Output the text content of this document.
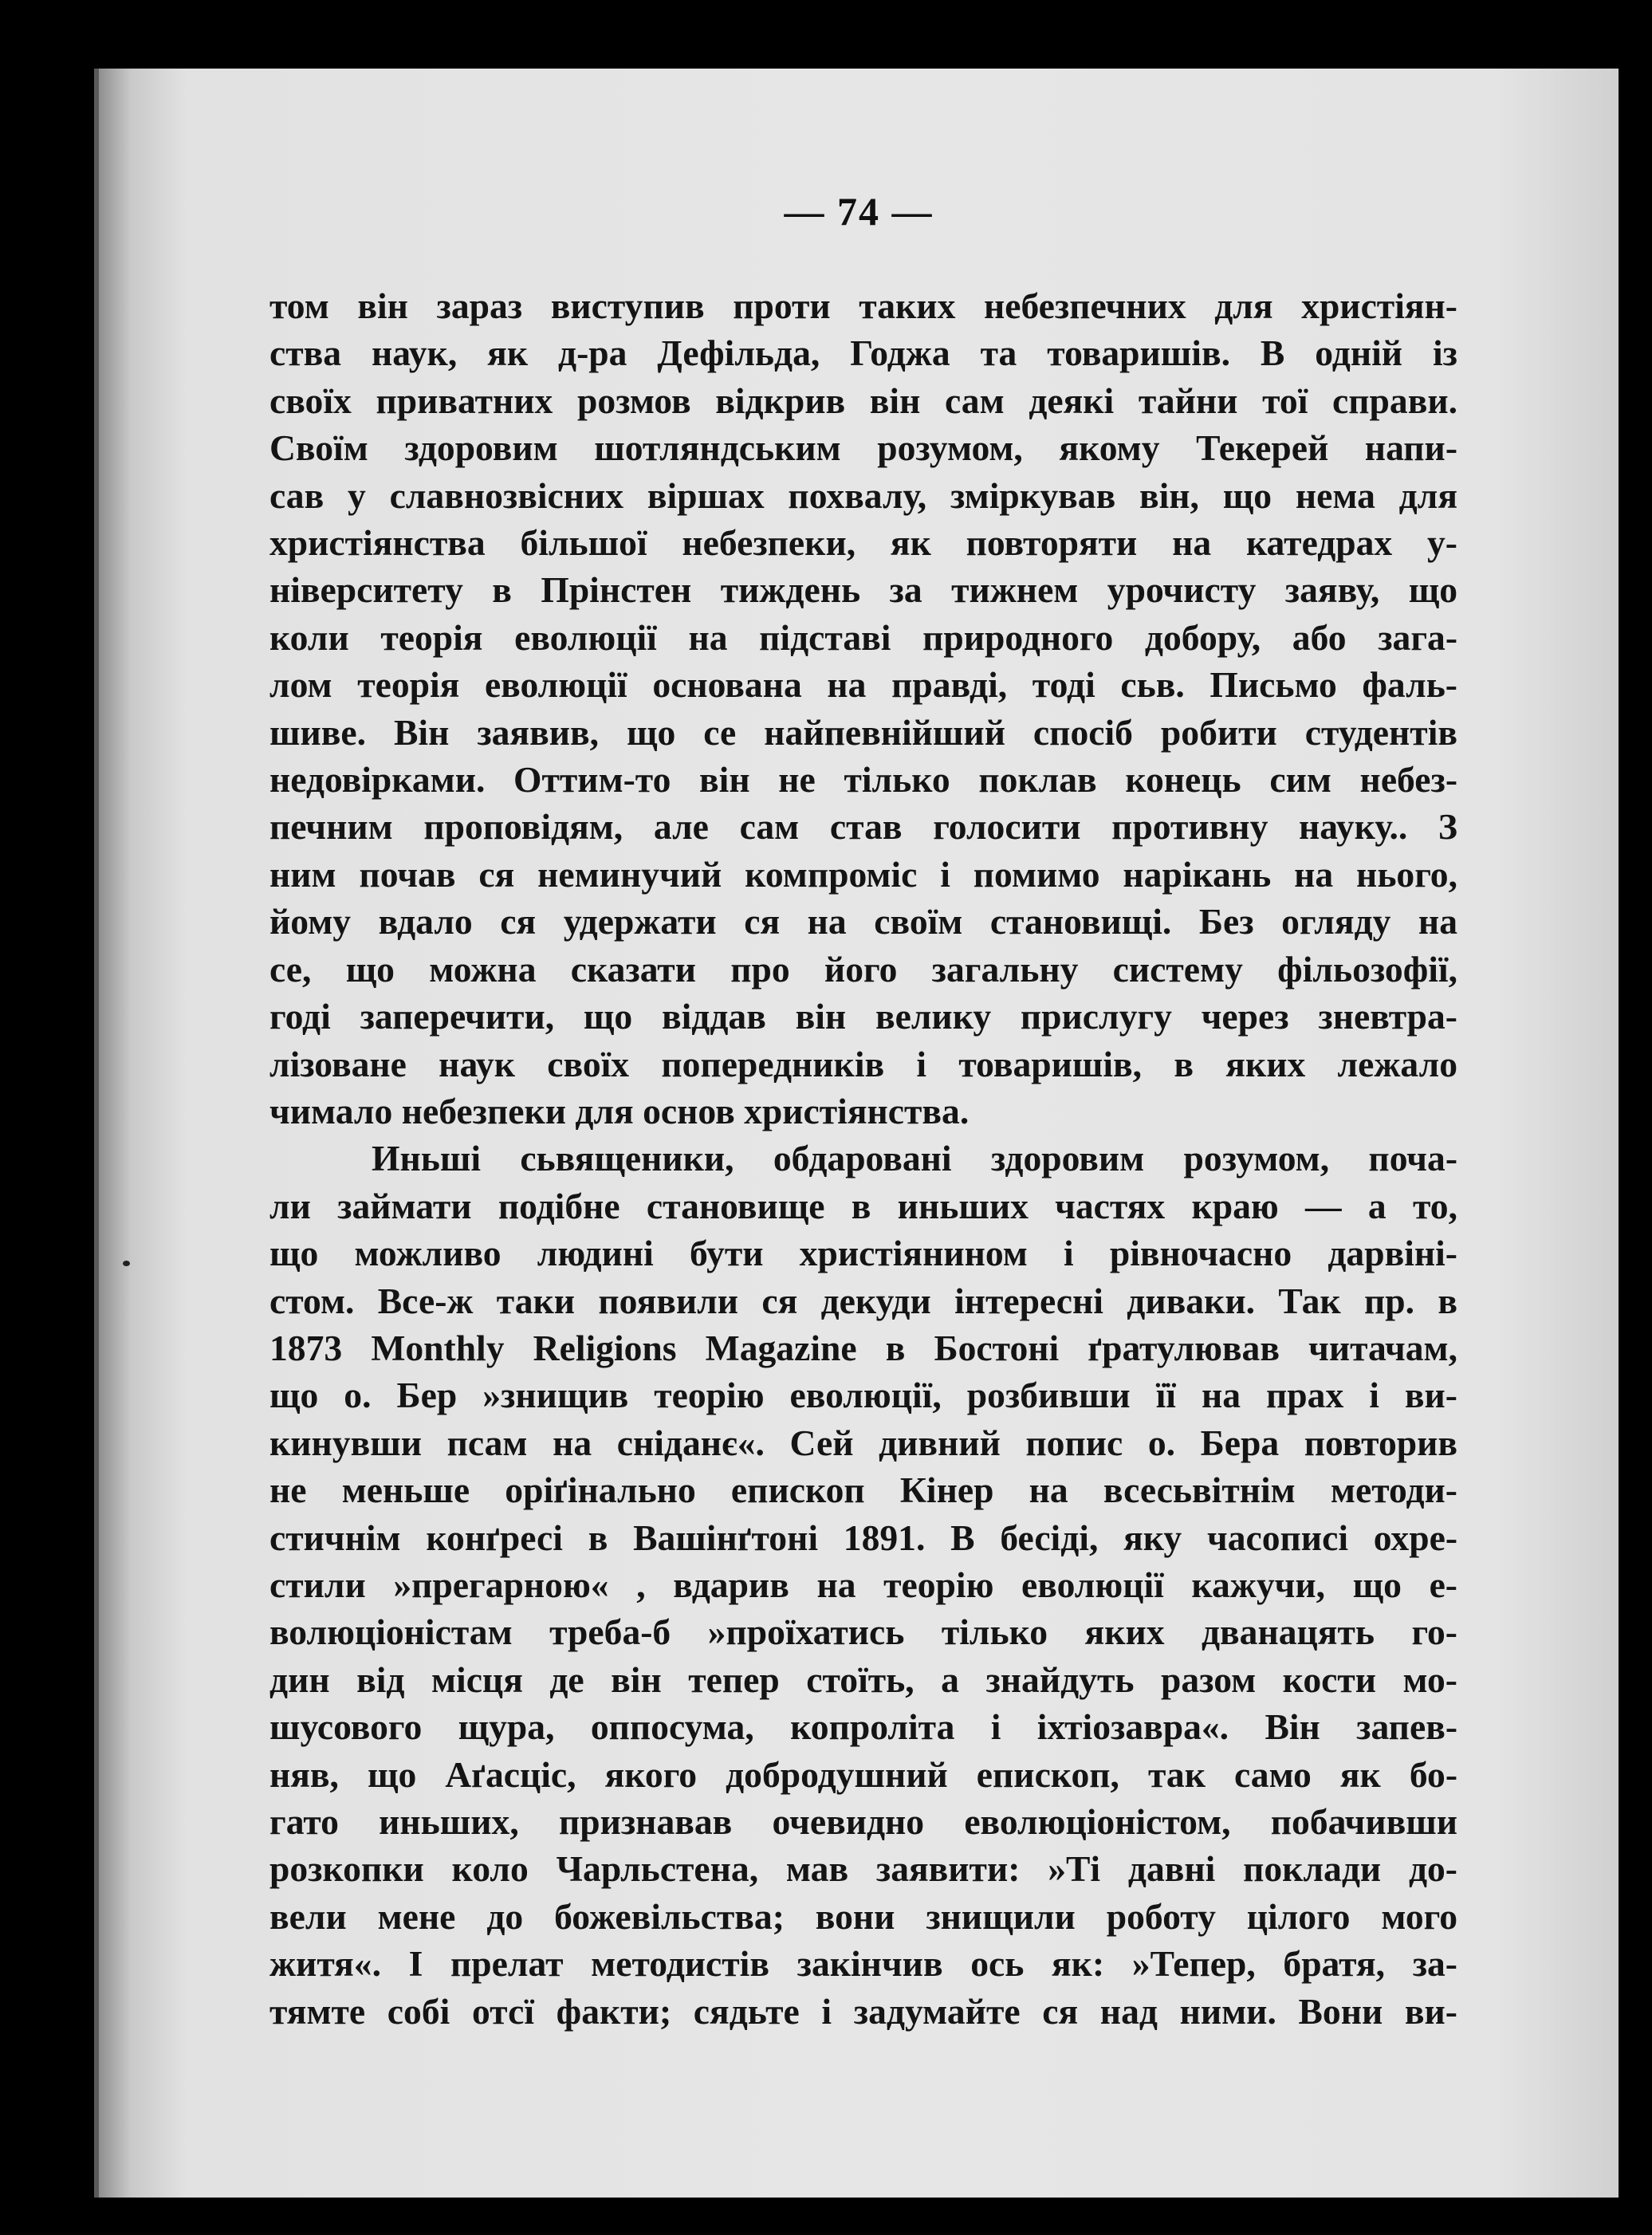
— 74 —
том він зараз виступив проти таких небезпечних для христіян-
ства наук, як д-ра Дефільда, Годжа та товаришів. В одній із
своїх приватних розмов відкрив він сам деякі тайни тої справи.
Своїм здоровим шотляндським розумом, якому Текерей напи-
сав у славнозвісних віршах похвалу, зміркував він, що нема для
христіянства більшої небезпеки, як повторяти на катедрах у-
ніверситету в Прінстен тиждень за тижнем урочисту заяву, що
коли теорія еволюції на підставі природного добору, або зага-
лом теорія еволюції основана на правді, тоді сьв. Письмо фаль-
шиве. Він заявив, що се найпевнійший спосіб робити студентів
недовірками. Оттим-то він не тілько поклав конець сим небез-
печним проповідям, але сам став голосити противну науку.. З
ним почав ся неминучий компроміс і помимо нарікань на нього,
йому вдало ся удержати ся на своїм становищі. Без огляду на
се, що можна сказати про його загальну систему фільозофії,
годі заперечити, що віддав він велику прислугу через зневтра-
лізоване наук своїх попередників і товаришів, в яких лежало
чимало небезпеки для основ христіянства.
Иньші сьвященики, обдаровані здоровим розумом, поча-
ли займати подібне становище в иньших частях краю — а то,
що можливо людині бути христіянином і рівночасно дарвіні-
стом. Все-ж таки появили ся декуди інтересні диваки. Так пр. в
1873 Monthly Religions Magazine в Бостоні ґратулював читачам,
що о. Бер »знищив теорію еволюції, розбивши її на прах і ви-
кинувши псам на сніданє«. Сей дивний попис о. Бера повторив
не меньше оріґінально епископ Кінер на всесьвітнім методи-
стичнім конґресі в Вашінґтоні 1891. В бесіді, яку часописі охре-
стили »прегарною« , вдарив на теорію еволюції кажучи, що е-
волюціоністам треба-б »проїхатись тілько яких дванацять го-
дин від місця де він тепер стоїть, а знайдуть разом кости мо-
шусового щура, оппосума, копроліта і іхтіозавра«. Він запев-
няв, що Аґасціс, якого добродушний епископ, так само як бо-
гато иньших, признавав очевидно еволюціоністом, побачивши
розкопки коло Чарльстена, мав заявити: »Ті давні поклади до-
вели мене до божевільства; вони знищили роботу цілого мого
житя«. І прелат методистів закінчив ось як: »Тепер, братя, за-
тямте собі отсї факти; сядьте і задумайте ся над ними. Вони ви-
